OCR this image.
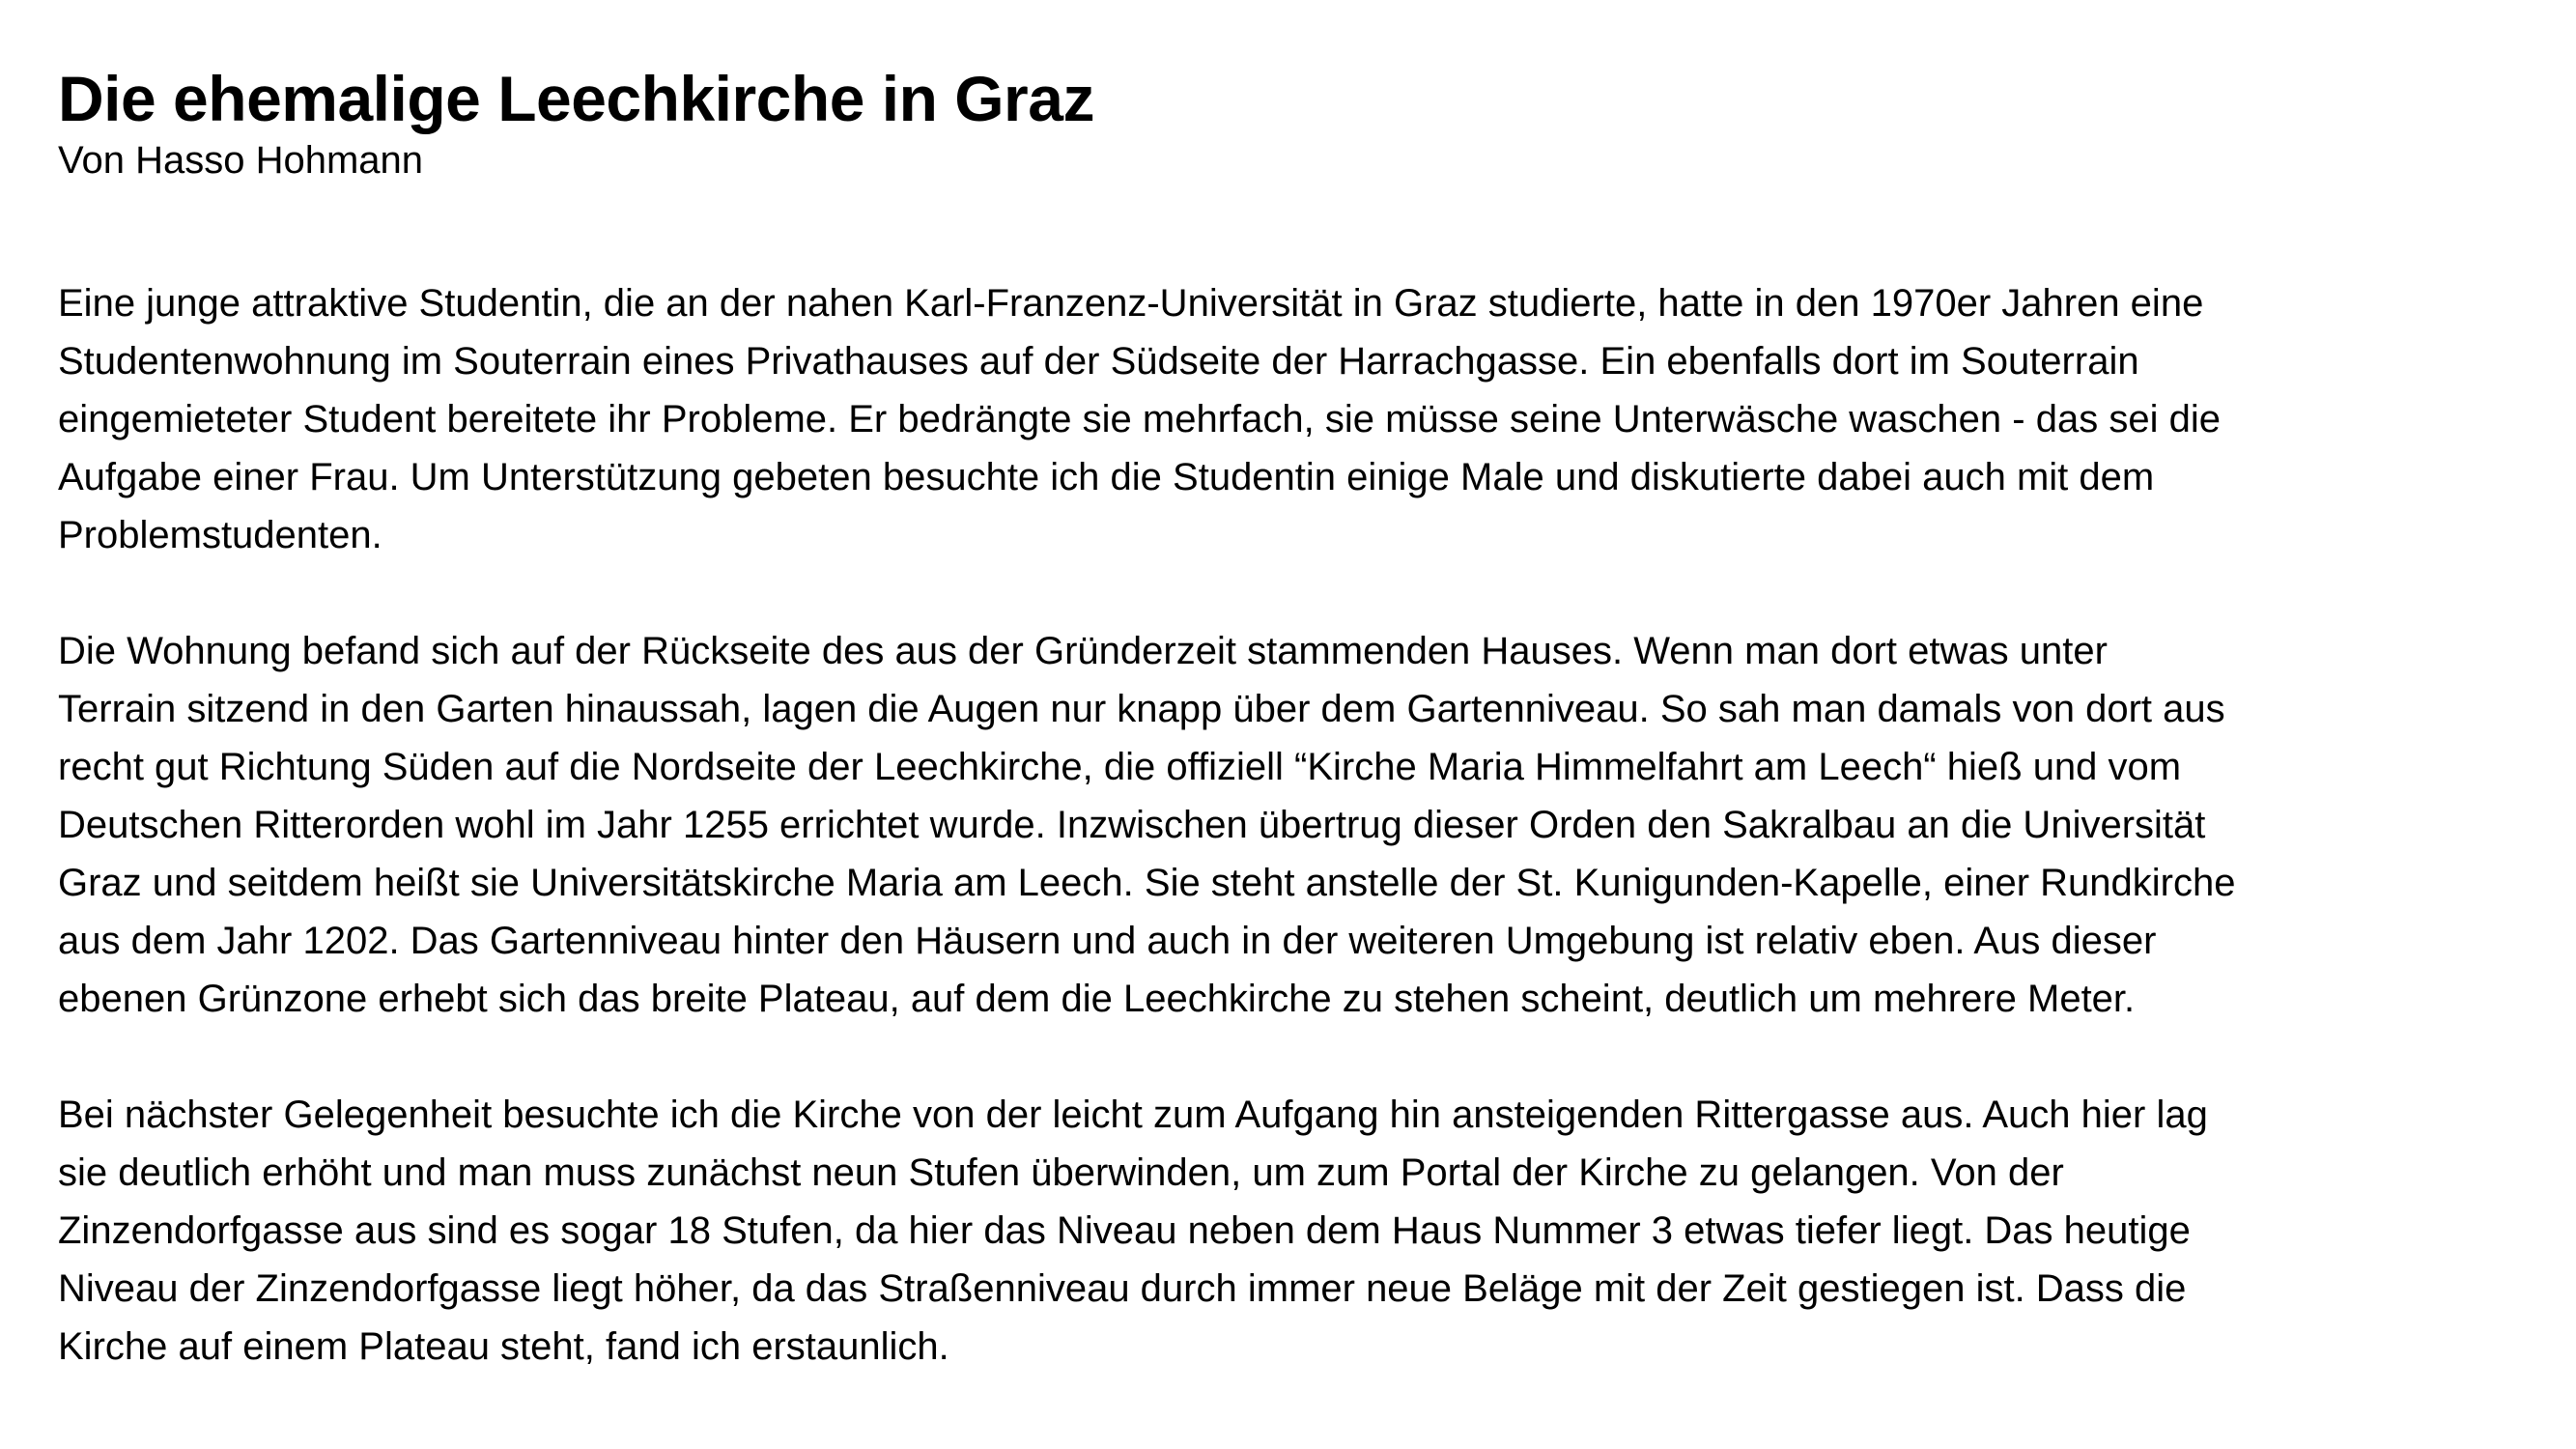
Die ehemalige Leechkirche in Graz

Von Hasso Hohmann

Eine junge attraktive Studentin, die an der nahen Karl-Franzenz-Universität in Graz studierte, hatte in den 1970er Jahren eine
Studentenwohnung im Souterrain eines Privathauses auf der Südseite der Harrachgasse. Ein ebenfalls dort im Souterrain
eingemieteter Student bereitete ihr Probleme. Er bedrängte sie mehrfach, sie müsse seine Unterwäsche waschen - das sei die
Aufgabe einer Frau. Um Unterstützung gebeten besuchte ich die Studentin einige Male und diskutierte dabei auch mit dem
Problemstudenten.

Die Wohnung befand sich auf der Rückseite des aus der Gründerzeit stammenden Hauses. Wenn man dort etwas unter
Terrain sitzend in den Garten hinaussah, lagen die Augen nur knapp über dem Gartenniveau. So sah man damals von dort aus
recht gut Richtung Süden auf die Nordseite der Leechkirche, die offiziell “Kirche Maria Himmelfahrt am Leech“ hieß und vom
Deutschen Ritterorden wohl im Jahr 1255 errichtet wurde. Inzwischen übertrug dieser Orden den Sakralbau an die Universität
Graz und seitdem heißt sie Universitätskirche Maria am Leech. Sie steht anstelle der St. Kunigunden-Kapelle, einer Rundkirche
aus dem Jahr 1202. Das Gartenniveau hinter den Häusern und auch in der weiteren Umgebung ist relativ eben. Aus dieser
ebenen Grünzone erhebt sich das breite Plateau, auf dem die Leechkirche zu stehen scheint, deutlich um mehrere Meter.

Bei nächster Gelegenheit besuchte ich die Kirche von der leicht zum Aufgang hin ansteigenden Rittergasse aus. Auch hier lag
sie deutlich erhöht und man muss zunächst neun Stufen überwinden, um zum Portal der Kirche zu gelangen. Von der
Zinzendorfgasse aus sind es sogar 18 Stufen, da hier das Niveau neben dem Haus Nummer 3 etwas tiefer liegt. Das heutige
Niveau der Zinzendorfgasse liegt höher, da das Straßenniveau durch immer neue Beläge mit der Zeit gestiegen ist. Dass die
Kirche auf einem Plateau steht, fand ich erstaunlich.
